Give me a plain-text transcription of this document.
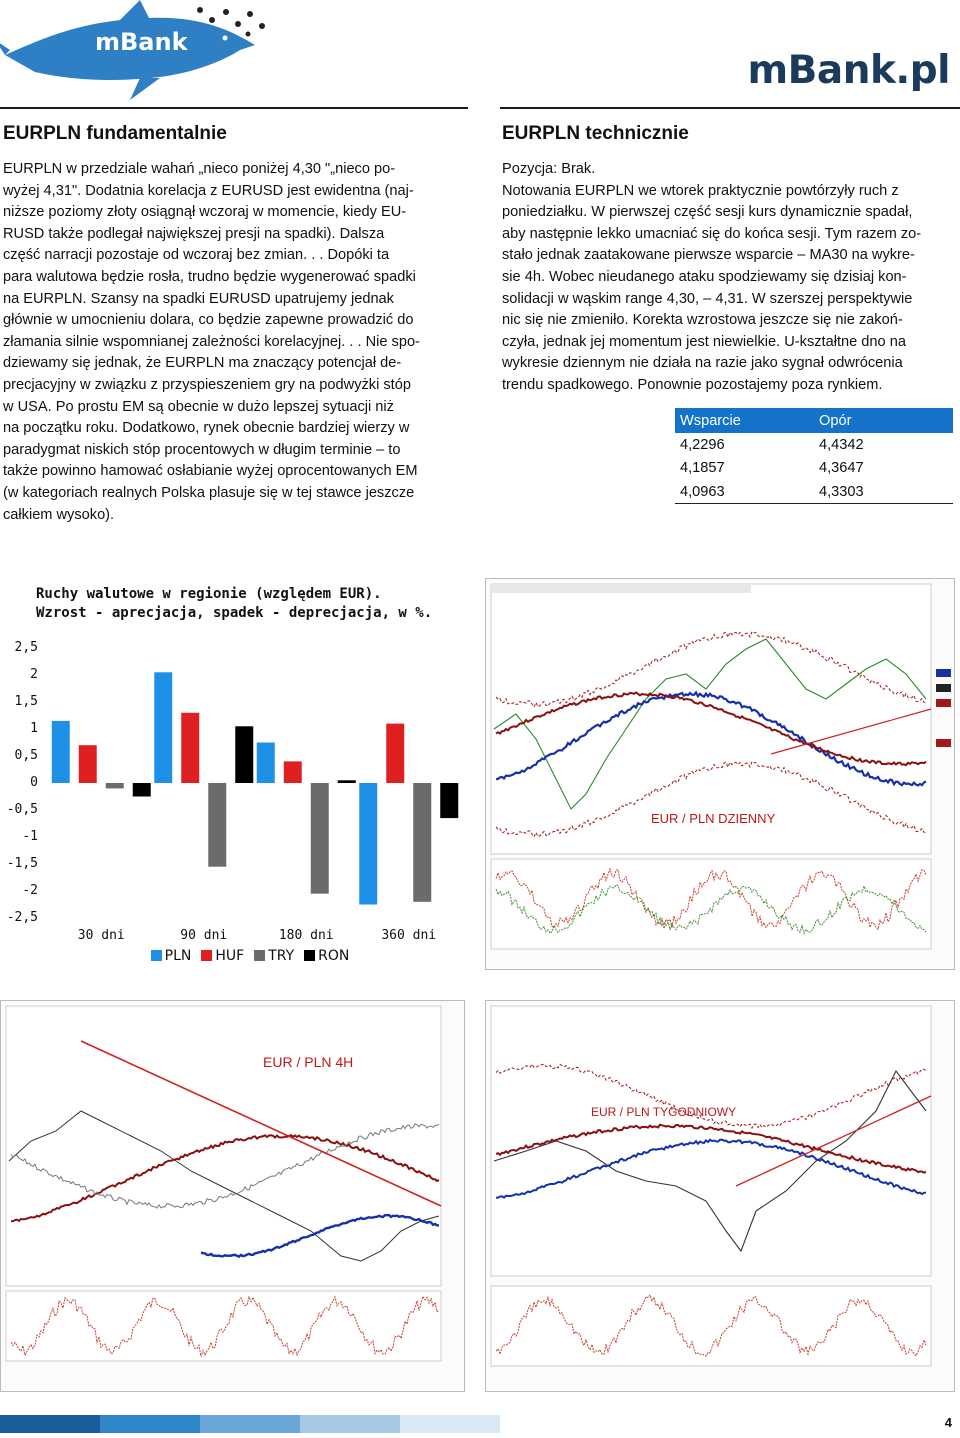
mBank
mBank.pl
EURPLN fundamentalnie
EURPLN w przedziale wahań „nieco poniżej 4,30 "„nieco po-
wyżej 4,31". Dodatnia korelacja z EURUSD jest ewidentna (naj-
niższe poziomy złoty osiągnął wczoraj w momencie, kiedy EU-
RUSD także podlegał największej presji na spadki). Dalsza
część narracji pozostaje od wczoraj bez zmian. . . Dopóki ta
para walutowa będzie rosła, trudno będzie wygenerować spadki
na EURPLN. Szansy na spadki EURUSD upatrujemy jednak
głównie w umocnieniu dolara, co będzie zapewne prowadzić do
złamania silnie wspomnianej zależności korelacyjnej. . . Nie spo-
dziewamy się jednak, że EURPLN ma znaczący potencjał de-
precjacyjny w związku z przyspieszeniem gry na podwyżki stóp
w USA. Po prostu EM są obecnie w dużo lepszej sytuacji niż
na początku roku. Dodatkowo, rynek obecnie bardziej wierzy w
paradygmat niskich stóp procentowych w długim terminie – to
także powinno hamować osłabianie wyżej oprocentowanych EM
(w kategoriach realnych Polska plasuje się w tej stawce jeszcze
całkiem wysoko).
EURPLN technicznie
Pozycja: Brak.
Notowania EURPLN we wtorek praktycznie powtórzyły ruch z
poniedziałku. W pierwszej część sesji kurs dynamicznie spadał,
aby następnie lekko umacniać się do końca sesji. Tym razem zo-
stało jednak zaatakowane pierwsze wsparcie – MA30 na wykre-
sie 4h. Wobec nieudanego ataku spodziewamy się dzisiaj kon-
solidacji w wąskim range 4,30, – 4,31. W szerszej perspektywie
nic się nie zmieniło. Korekta wzrostowa jeszcze się nie zakoń-
czyła, jednak jej momentum jest niewielkie. U-kształtne dno na
wykresie dziennym nie działa na razie jako sygnał odwrócenia
trendu spadkowego. Ponownie pozostajemy poza rynkiem.
Wsparcie	Opór
4,2296	4,4342
4,1857	4,3647
4,0963	4,3303
Ruchy walutowe w regionie (względem EUR).
Wzrost - aprecjacja, spadek - deprecjacja, w %.
2,5
2
1,5
1
0,5
0
-0,5
-1
-1,5
-2
-2,5
30 dni	90 dni	180 dni	360 dni
PLN HUF TRY RON
EUR / PLN DZIENNY
EUR / PLN 4H
EUR / PLN TYGODNIOWY
4
